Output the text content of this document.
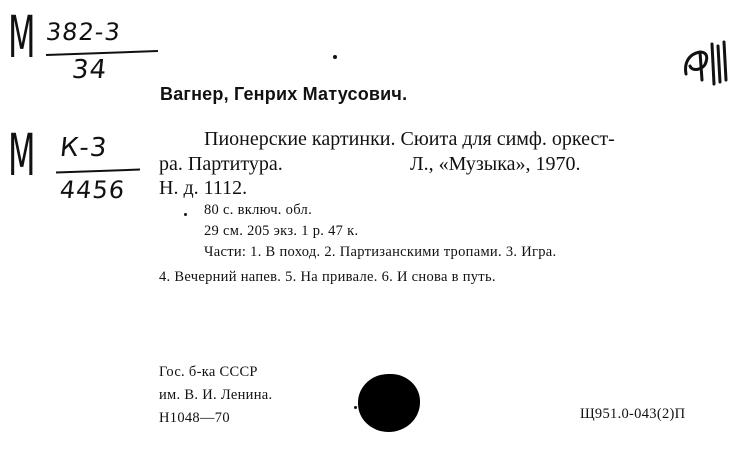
М 382-3
34
М К-3
4456
Вагнер, Генрих Матусович.
Пионерские картинки. Сюита для симф. оркест-
ра. Партитура.	Л., «Музыка», 1970.
Н. д. 1112.
80 с. включ. обл.
29 см. 205 экз. 1 р. 47 к.
Части: 1. В поход. 2. Партизанскими тропами. 3. Игра.
4. Вечерний напев. 5. На привале. 6. И снова в путь.
Гос. б-ка СССР
им. В. И. Ленина.
Н1048—70	Щ951.0-043(2)П
